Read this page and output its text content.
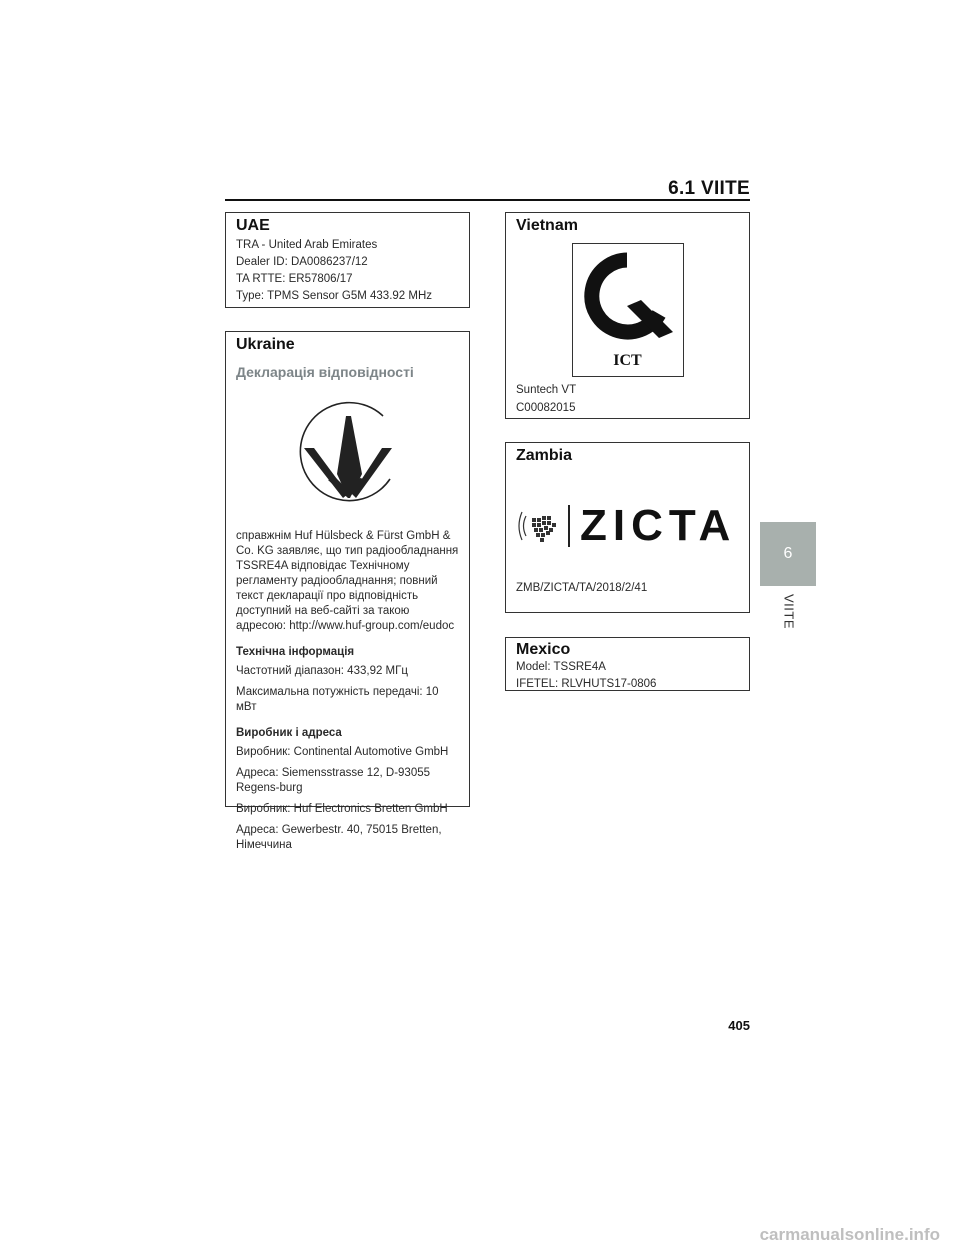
6.1 VIITE

UAE

TRA - United Arab Emirates

Dealer ID: DA0086237/12

TA RTTE: ER57806/17

Type: TPMS Sensor G5M 433.92 MHz

Ukraine

Декларація відповідності

справжнім Huf Hülsbeck & Fürst GmbH & Co. KG заявляє, що тип радіообладнання TSSRE4A відповідає Технічному регламенту радіообладнання; повний текст декларації про відповідність доступний на веб-сайті за такою адресою: http://www.huf-group.com/eudoc

Технічна інформація

Частотний діапазон: 433,92 МГц

Максимальна потужність передачі: 10 мВт

Виробник і адреса

Виробник: Continental Automotive GmbH

Адреса: Siemensstrasse 12, D-93055 Regens-burg

Виробник: Huf Electronics Bretten GmbH

Адреса: Gewerbestr. 40, 75015 Bretten, Німеччина

Vietnam

ICT

Suntech VT

C00082015

Zambia

ZICTA

ZMB/ZICTA/TA/2018/2/41

Mexico

Model: TSSRE4A

IFETEL: RLVHUTS17-0806

6
VIITE
405
carmanualsonline.info
